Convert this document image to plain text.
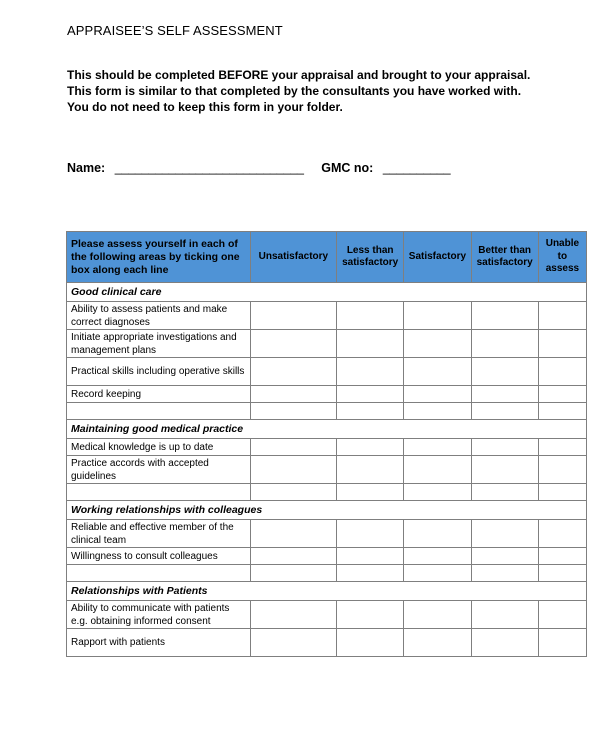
APPRAISEE’S SELF ASSESSMENT
This should be completed BEFORE your appraisal and brought to your appraisal.
This form is similar to that completed by the consultants you have worked with.
You do not need to keep this form in your folder.
Name: ____________________________ GMC no: __________
Please assess yourself in each of the following areas by ticking one box along each line	Unsatisfactory	Less than satisfactory	Satisfactory	Better than satisfactory	Unable to assess
Good clinical care					
Ability to assess patients and make correct diagnoses					
Initiate appropriate investigations and management plans					
Practical skills including operative skills					
Record keeping					

Maintaining good medical practice					
Medical knowledge is up to date					
Practice accords with accepted guidelines					

Working relationships with colleagues					
Reliable and effective member of the clinical team					
Willingness to consult colleagues					

Relationships with Patients					
Ability to communicate with patients e.g. obtaining informed consent					
Rapport with patients					
